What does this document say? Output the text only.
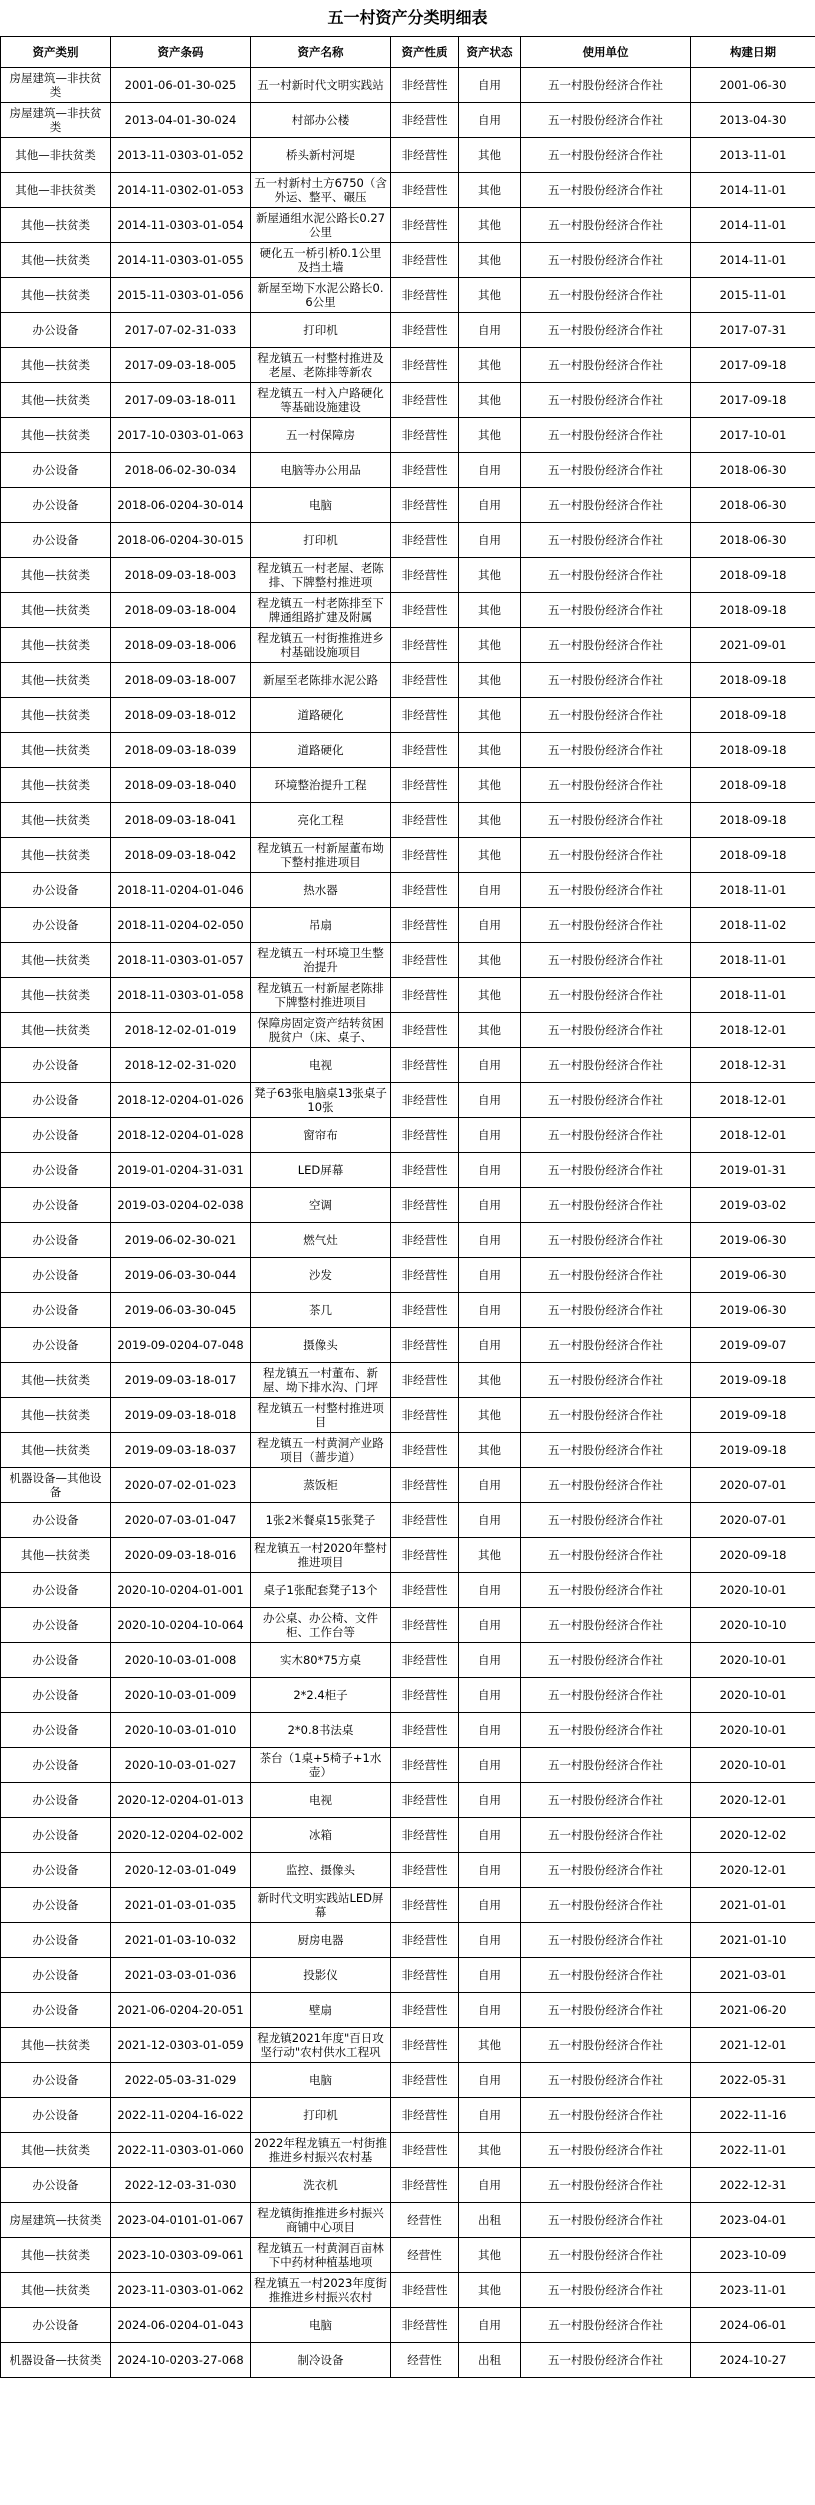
五一村资产分类明细表
资产类别	资产条码	资产名称	资产性质	资产状态	使用单位	构建日期
房屋建筑—非扶贫类	2001-06-01-30-025	五一村新时代文明实践站	非经营性	自用	五一村股份经济合作社	2001-06-30
房屋建筑—非扶贫类	2013-04-01-30-024	村部办公楼	非经营性	自用	五一村股份经济合作社	2013-04-30
其他—非扶贫类	2013-11-0303-01-052	桥头新村河堤	非经营性	其他	五一村股份经济合作社	2013-11-01
其他—非扶贫类	2014-11-0302-01-053	五一村新村土方6750（含外运、整平、碾压	非经营性	其他	五一村股份经济合作社	2014-11-01
其他—扶贫类	2014-11-0303-01-054	新屋通组水泥公路长0.27公里	非经营性	其他	五一村股份经济合作社	2014-11-01
其他—扶贫类	2014-11-0303-01-055	硬化五一桥引桥0.1公里及挡土墙	非经营性	其他	五一村股份经济合作社	2014-11-01
其他—扶贫类	2015-11-0303-01-056	新屋至坳下水泥公路长0.6公里	非经营性	其他	五一村股份经济合作社	2015-11-01
办公设备	2017-07-02-31-033	打印机	非经营性	自用	五一村股份经济合作社	2017-07-31
其他—扶贫类	2017-09-03-18-005	程龙镇五一村整村推进及老屋、老陈排等新农	非经营性	其他	五一村股份经济合作社	2017-09-18
其他—扶贫类	2017-09-03-18-011	程龙镇五一村入户路硬化等基础设施建设	非经营性	其他	五一村股份经济合作社	2017-09-18
其他—扶贫类	2017-10-0303-01-063	五一村保障房	非经营性	其他	五一村股份经济合作社	2017-10-01
办公设备	2018-06-02-30-034	电脑等办公用品	非经营性	自用	五一村股份经济合作社	2018-06-30
办公设备	2018-06-0204-30-014	电脑	非经营性	自用	五一村股份经济合作社	2018-06-30
办公设备	2018-06-0204-30-015	打印机	非经营性	自用	五一村股份经济合作社	2018-06-30
其他—扶贫类	2018-09-03-18-003	程龙镇五一村老屋、老陈排、下牌整村推进项	非经营性	其他	五一村股份经济合作社	2018-09-18
其他—扶贫类	2018-09-03-18-004	程龙镇五一村老陈排至下牌通组路扩建及附属	非经营性	其他	五一村股份经济合作社	2018-09-18
其他—扶贫类	2018-09-03-18-006	程龙镇五一村街推推进乡村基础设施项目	非经营性	其他	五一村股份经济合作社	2021-09-01
其他—扶贫类	2018-09-03-18-007	新屋至老陈排水泥公路	非经营性	其他	五一村股份经济合作社	2018-09-18
其他—扶贫类	2018-09-03-18-012	道路硬化	非经营性	其他	五一村股份经济合作社	2018-09-18
其他—扶贫类	2018-09-03-18-039	道路硬化	非经营性	其他	五一村股份经济合作社	2018-09-18
其他—扶贫类	2018-09-03-18-040	环境整治提升工程	非经营性	其他	五一村股份经济合作社	2018-09-18
其他—扶贫类	2018-09-03-18-041	亮化工程	非经营性	其他	五一村股份经济合作社	2018-09-18
其他—扶贫类	2018-09-03-18-042	程龙镇五一村新屋董布坳下整村推进项目	非经营性	其他	五一村股份经济合作社	2018-09-18
办公设备	2018-11-0204-01-046	热水器	非经营性	自用	五一村股份经济合作社	2018-11-01
办公设备	2018-11-0204-02-050	吊扇	非经营性	自用	五一村股份经济合作社	2018-11-02
其他—扶贫类	2018-11-0303-01-057	程龙镇五一村环境卫生整治提升	非经营性	其他	五一村股份经济合作社	2018-11-01
其他—扶贫类	2018-11-0303-01-058	程龙镇五一村新屋老陈排下牌整村推进项目	非经营性	其他	五一村股份经济合作社	2018-11-01
其他—扶贫类	2018-12-02-01-019	保障房固定资产结转贫困脱贫户（床、桌子、	非经营性	其他	五一村股份经济合作社	2018-12-01
办公设备	2018-12-02-31-020	电视	非经营性	自用	五一村股份经济合作社	2018-12-31
办公设备	2018-12-0204-01-026	凳子63张电脑桌13张桌子10张	非经营性	自用	五一村股份经济合作社	2018-12-01
办公设备	2018-12-0204-01-028	窗帘布	非经营性	自用	五一村股份经济合作社	2018-12-01
办公设备	2019-01-0204-31-031	LED屏幕	非经营性	自用	五一村股份经济合作社	2019-01-31
办公设备	2019-03-0204-02-038	空调	非经营性	自用	五一村股份经济合作社	2019-03-02
办公设备	2019-06-02-30-021	燃气灶	非经营性	自用	五一村股份经济合作社	2019-06-30
办公设备	2019-06-03-30-044	沙发	非经营性	自用	五一村股份经济合作社	2019-06-30
办公设备	2019-06-03-30-045	茶几	非经营性	自用	五一村股份经济合作社	2019-06-30
办公设备	2019-09-0204-07-048	摄像头	非经营性	自用	五一村股份经济合作社	2019-09-07
其他—扶贫类	2019-09-03-18-017	程龙镇五一村董布、新屋、坳下排水沟、门坪	非经营性	其他	五一村股份经济合作社	2019-09-18
其他—扶贫类	2019-09-03-18-018	程龙镇五一村整村推进项目	非经营性	其他	五一村股份经济合作社	2019-09-18
其他—扶贫类	2019-09-03-18-037	程龙镇五一村黄洞产业路项目（蔷步道）	非经营性	其他	五一村股份经济合作社	2019-09-18
机器设备—其他设备	2020-07-02-01-023	蒸饭柜	非经营性	自用	五一村股份经济合作社	2020-07-01
办公设备	2020-07-03-01-047	1张2米餐桌15张凳子	非经营性	自用	五一村股份经济合作社	2020-07-01
其他—扶贫类	2020-09-03-18-016	程龙镇五一村2020年整村推进项目	非经营性	其他	五一村股份经济合作社	2020-09-18
办公设备	2020-10-0204-01-001	桌子1张配套凳子13个	非经营性	自用	五一村股份经济合作社	2020-10-01
办公设备	2020-10-0204-10-064	办公桌、办公椅、文件柜、工作台等	非经营性	自用	五一村股份经济合作社	2020-10-10
办公设备	2020-10-03-01-008	实木80*75方桌	非经营性	自用	五一村股份经济合作社	2020-10-01
办公设备	2020-10-03-01-009	2*2.4柜子	非经营性	自用	五一村股份经济合作社	2020-10-01
办公设备	2020-10-03-01-010	2*0.8书法桌	非经营性	自用	五一村股份经济合作社	2020-10-01
办公设备	2020-10-03-01-027	茶台（1桌+5椅子+1水壶）	非经营性	自用	五一村股份经济合作社	2020-10-01
办公设备	2020-12-0204-01-013	电视	非经营性	自用	五一村股份经济合作社	2020-12-01
办公设备	2020-12-0204-02-002	冰箱	非经营性	自用	五一村股份经济合作社	2020-12-02
办公设备	2020-12-03-01-049	监控、摄像头	非经营性	自用	五一村股份经济合作社	2020-12-01
办公设备	2021-01-03-01-035	新时代文明实践站LED屏幕	非经营性	自用	五一村股份经济合作社	2021-01-01
办公设备	2021-01-03-10-032	厨房电器	非经营性	自用	五一村股份经济合作社	2021-01-10
办公设备	2021-03-03-01-036	投影仪	非经营性	自用	五一村股份经济合作社	2021-03-01
办公设备	2021-06-0204-20-051	壁扇	非经营性	自用	五一村股份经济合作社	2021-06-20
其他—扶贫类	2021-12-0303-01-059	程龙镇2021年度"百日攻坚行动"农村供水工程巩	非经营性	其他	五一村股份经济合作社	2021-12-01
办公设备	2022-05-03-31-029	电脑	非经营性	自用	五一村股份经济合作社	2022-05-31
办公设备	2022-11-0204-16-022	打印机	非经营性	自用	五一村股份经济合作社	2022-11-16
其他—扶贫类	2022-11-0303-01-060	2022年程龙镇五一村街推推进乡村振兴农村基	非经营性	其他	五一村股份经济合作社	2022-11-01
办公设备	2022-12-03-31-030	洗衣机	非经营性	自用	五一村股份经济合作社	2022-12-31
房屋建筑—扶贫类	2023-04-0101-01-067	程龙镇街推推进乡村振兴商铺中心项目	经营性	出租	五一村股份经济合作社	2023-04-01
其他—扶贫类	2023-10-0303-09-061	程龙镇五一村黄洞百亩林下中药材种植基地项	经营性	其他	五一村股份经济合作社	2023-10-09
其他—扶贫类	2023-11-0303-01-062	程龙镇五一村2023年度街推推进乡村振兴农村	非经营性	其他	五一村股份经济合作社	2023-11-01
办公设备	2024-06-0204-01-043	电脑	非经营性	自用	五一村股份经济合作社	2024-06-01
机器设备—扶贫类	2024-10-0203-27-068	制冷设备	经营性	出租	五一村股份经济合作社	2024-10-27
